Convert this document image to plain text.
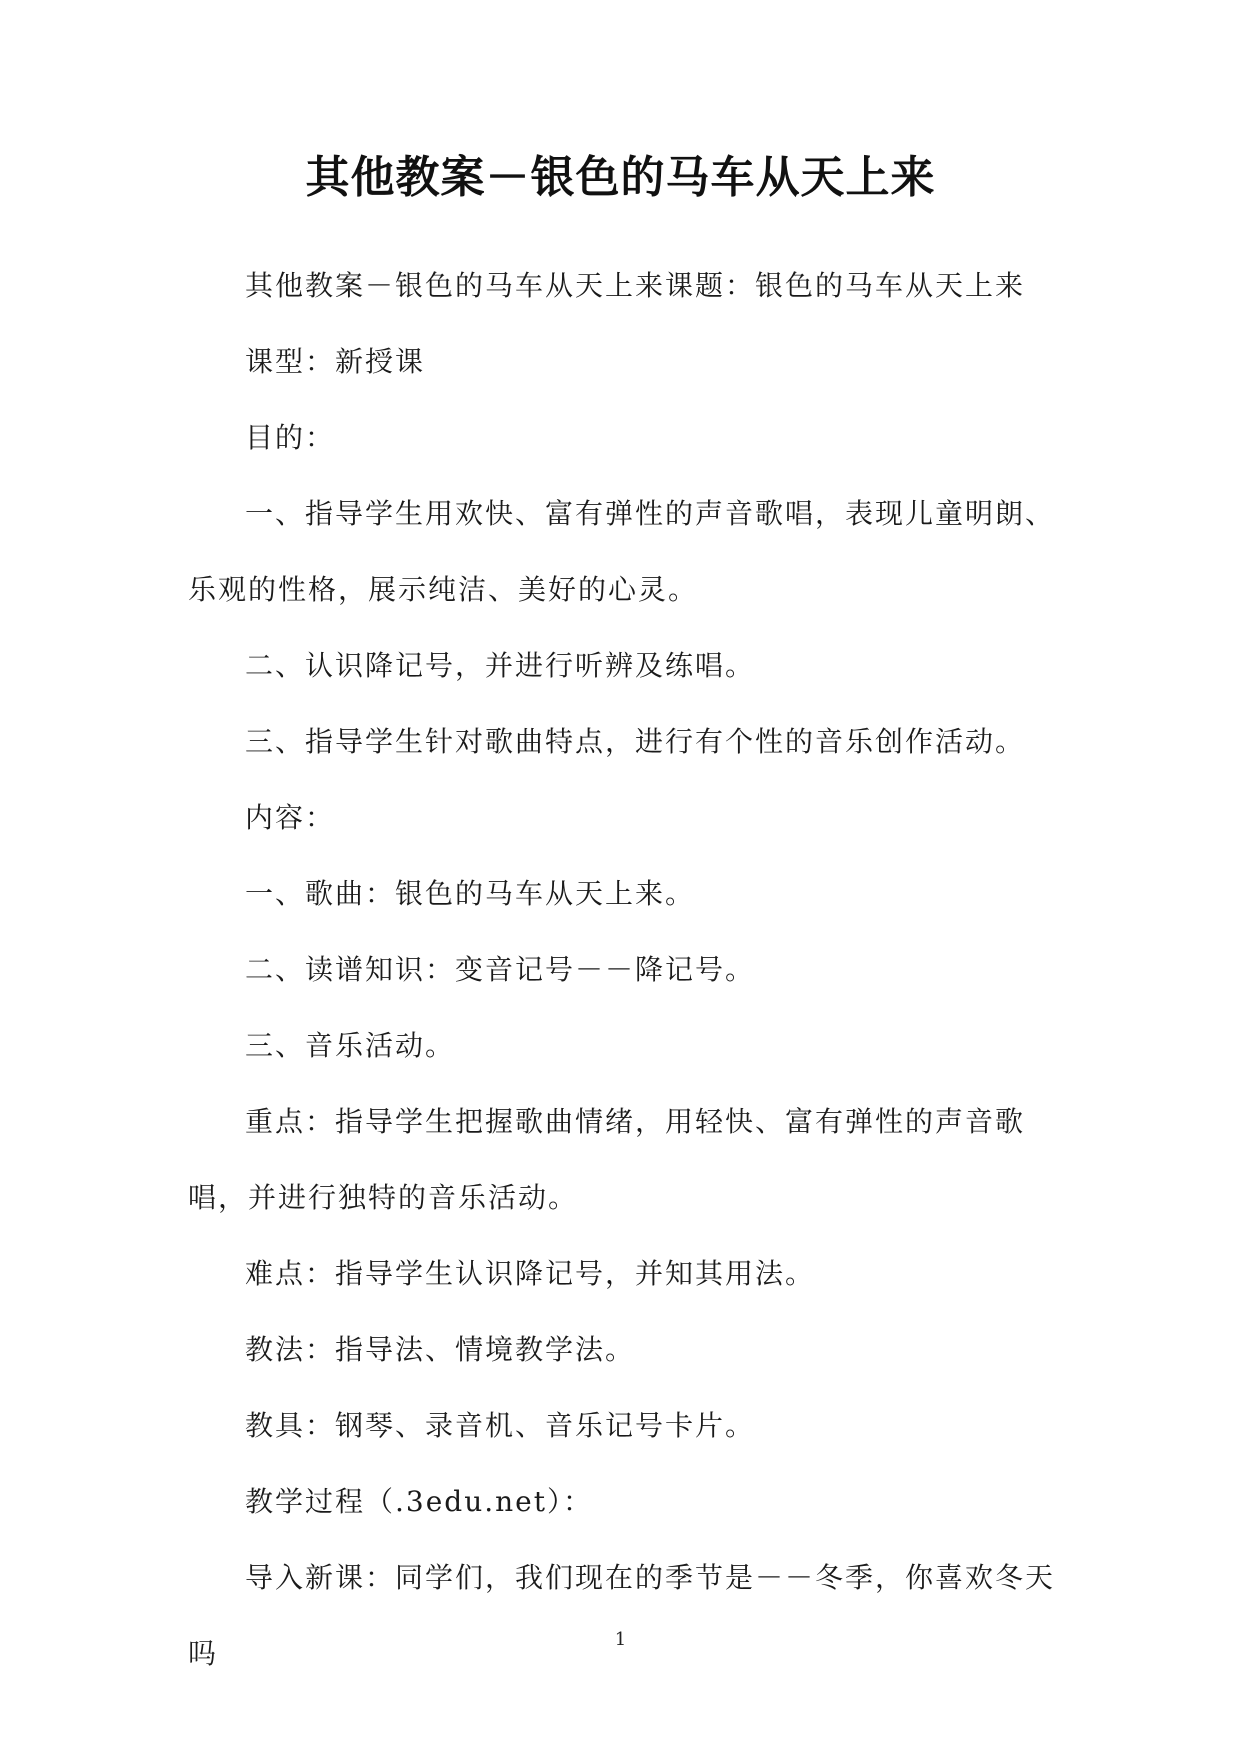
其他教案－银色的马车从天上来

其他教案－银色的马车从天上来课题：银色的马车从天上来

课型：新授课

目的：

一、指导学生用欢快、富有弹性的声音歌唱，表现儿童明朗、乐观的性格，展示纯洁、美好的心灵。

二、认识降记号，并进行听辨及练唱。

三、指导学生针对歌曲特点，进行有个性的音乐创作活动。

内容：

一、歌曲：银色的马车从天上来。

二、读谱知识：变音记号－－降记号。

三、音乐活动。

重点：指导学生把握歌曲情绪，用轻快、富有弹性的声音歌唱，并进行独特的音乐活动。

难点：指导学生认识降记号，并知其用法。

教法：指导法、情境教学法。

教具：钢琴、录音机、音乐记号卡片。

教学过程（.3edu.net）：

导入新课：同学们，我们现在的季节是－－冬季，你喜欢冬天吗	1
